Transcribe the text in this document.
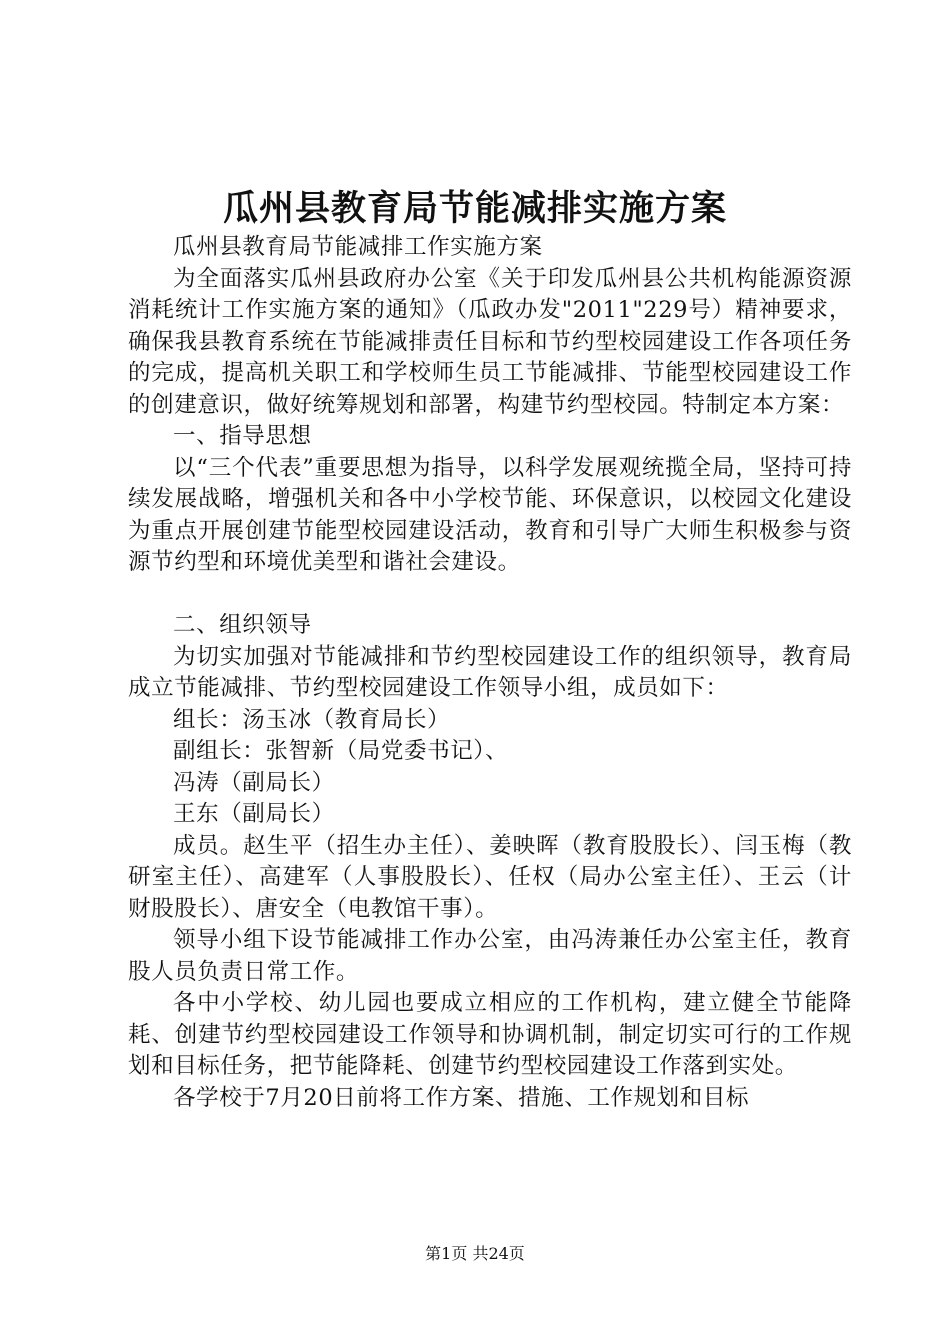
瓜州县教育局节能减排实施方案

瓜州县教育局节能减排工作实施方案

为全面落实瓜州县政府办公室《关于印发瓜州县公共机构能源资源消耗统计工作实施方案的通知》（瓜政办发"2011"229号）精神要求，确保我县教育系统在节能减排责任目标和节约型校园建设工作各项任务的完成，提高机关职工和学校师生员工节能减排、节能型校园建设工作的创建意识，做好统筹规划和部署，构建节约型校园。特制定本方案：

一、指导思想

以“三个代表”重要思想为指导，以科学发展观统揽全局，坚持可持续发展战略，增强机关和各中小学校节能、环保意识，以校园文化建设为重点开展创建节能型校园建设活动，教育和引导广大师生积极参与资源节约型和环境优美型和谐社会建设。

二、组织领导

为切实加强对节能减排和节约型校园建设工作的组织领导，教育局成立节能减排、节约型校园建设工作领导小组，成员如下：

组长：汤玉冰（教育局长）

副组长：张智新（局党委书记）、

冯涛（副局长）

王东（副局长）

成员。赵生平（招生办主任）、姜映晖（教育股股长）、闫玉梅（教研室主任）、高建军（人事股股长）、任权（局办公室主任）、王云（计财股股长）、唐安全（电教馆干事）。

领导小组下设节能减排工作办公室，由冯涛兼任办公室主任，教育股人员负责日常工作。

各中小学校、幼儿园也要成立相应的工作机构，建立健全节能降耗、创建节约型校园建设工作领导和协调机制，制定切实可行的工作规划和目标任务，把节能降耗、创建节约型校园建设工作落到实处。

各学校于7月20日前将工作方案、措施、工作规划和目标

第1页 共24页
